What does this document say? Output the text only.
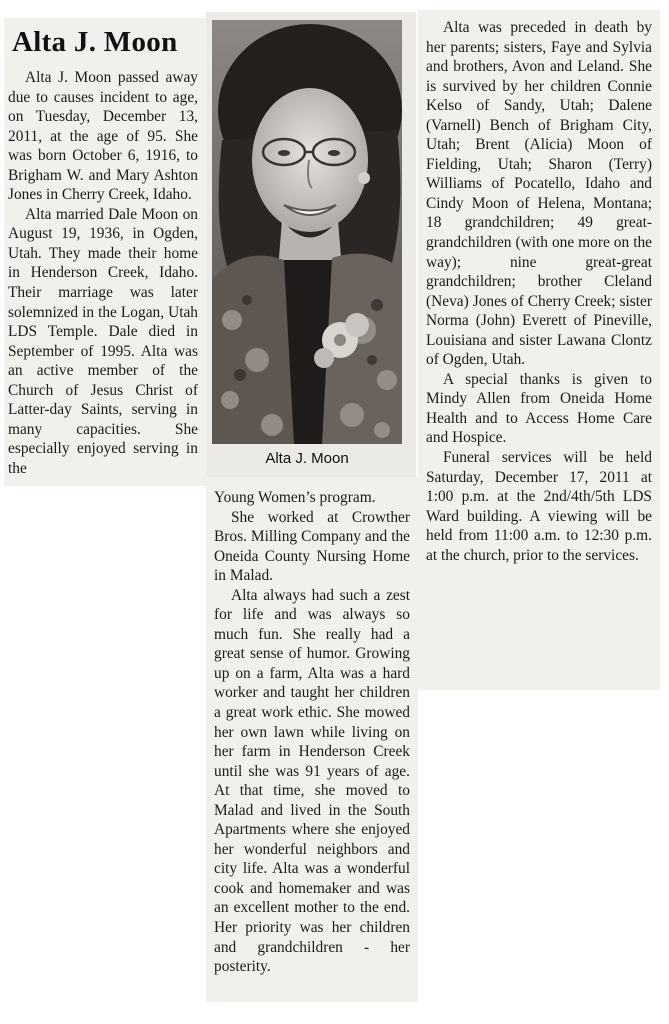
Alta J. Moon

Alta J. Moon passed away due to causes incident to age, on Tuesday, December 13, 2011, at the age of 95. She was born October 6, 1916, to Brigham W. and Mary Ashton Jones in Cherry Creek, Idaho.

Alta married Dale Moon on August 19, 1936, in Ogden, Utah. They made their home in Henderson Creek, Idaho. Their marriage was later solemnized in the Logan, Utah LDS Temple. Dale died in September of 1995. Alta was an active member of the Church of Jesus Christ of Latter-day Saints, serving in many capacities. She especially enjoyed serving in the

Alta J. Moon

Young Women’s program.

She worked at Crowther Bros. Milling Company and the Oneida County Nursing Home in Malad.

Alta always had such a zest for life and was always so much fun. She really had a great sense of humor. Growing up on a farm, Alta was a hard worker and taught her children a great work ethic. She mowed her own lawn while living on her farm in Henderson Creek until she was 91 years of age. At that time, she moved to Malad and lived in the South Apartments where she enjoyed her wonderful neighbors and city life. Alta was a wonderful cook and homemaker and was an excellent mother to the end. Her priority was her children and grandchildren - her posterity.

Alta was preceded in death by her parents; sisters, Faye and Sylvia and brothers, Avon and Leland. She is survived by her children Connie Kelso of Sandy, Utah; Dalene (Varnell) Bench of Brigham City, Utah; Brent (Alicia) Moon of Fielding, Utah; Sharon (Terry) Williams of Pocatello, Idaho and Cindy Moon of Helena, Montana; 18 grandchildren; 49 great-grandchildren (with one more on the way); nine great-great grandchildren; brother Cleland (Neva) Jones of Cherry Creek; sister Norma (John) Everett of Pineville, Louisiana and sister Lawana Clontz of Ogden, Utah.

A special thanks is given to Mindy Allen from Oneida Home Health and to Access Home Care and Hospice.

Funeral services will be held Saturday, December 17, 2011 at 1:00 p.m. at the 2nd/4th/5th LDS Ward building. A viewing will be held from 11:00 a.m. to 12:30 p.m. at the church, prior to the services.
